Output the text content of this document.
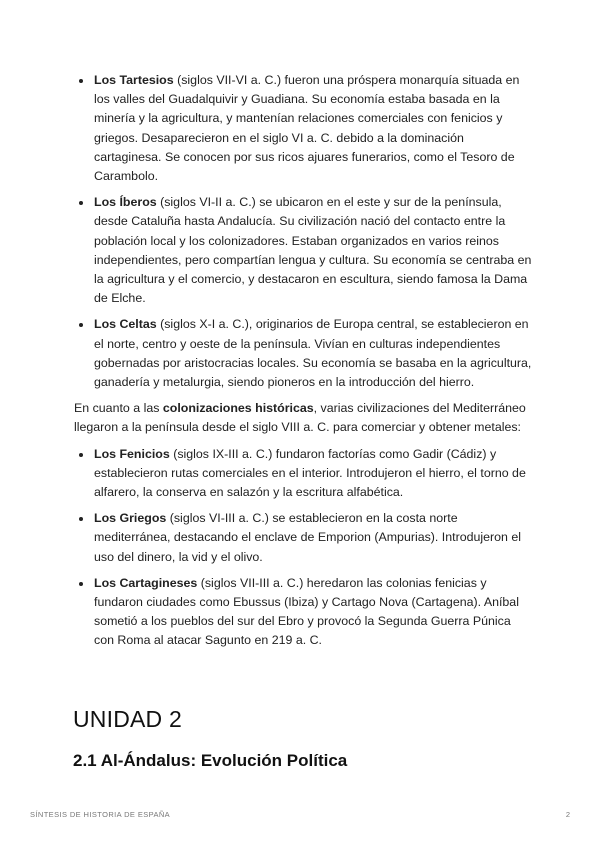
Los Tartesios (siglos VII-VI a. C.) fueron una próspera monarquía situada en los valles del Guadalquivir y Guadiana. Su economía estaba basada en la minería y la agricultura, y mantenían relaciones comerciales con fenicios y griegos. Desaparecieron en el siglo VI a. C. debido a la dominación cartaginesa. Se conocen por sus ricos ajuares funerarios, como el Tesoro de Carambolo.
Los Íberos (siglos VI-II a. C.) se ubicaron en el este y sur de la península, desde Cataluña hasta Andalucía. Su civilización nació del contacto entre la población local y los colonizadores. Estaban organizados en varios reinos independientes, pero compartían lengua y cultura. Su economía se centraba en la agricultura y el comercio, y destacaron en escultura, siendo famosa la Dama de Elche.
Los Celtas (siglos X-I a. C.), originarios de Europa central, se establecieron en el norte, centro y oeste de la península. Vivían en culturas independientes gobernadas por aristocracias locales. Su economía se basaba en la agricultura, ganadería y metalurgia, siendo pioneros en la introducción del hierro.

En cuanto a las colonizaciones históricas, varias civilizaciones del Mediterráneo llegaron a la península desde el siglo VIII a. C. para comerciar y obtener metales:

Los Fenicios (siglos IX-III a. C.) fundaron factorías como Gadir (Cádiz) y establecieron rutas comerciales en el interior. Introdujeron el hierro, el torno de alfarero, la conserva en salazón y la escritura alfabética.
Los Griegos (siglos VI-III a. C.) se establecieron en la costa norte mediterránea, destacando el enclave de Emporion (Ampurias). Introdujeron el uso del dinero, la vid y el olivo.
Los Cartagineses (siglos VII-III a. C.) heredaron las colonias fenicias y fundaron ciudades como Ebussus (Ibiza) y Cartago Nova (Cartagena). Aníbal sometió a los pueblos del sur del Ebro y provocó la Segunda Guerra Púnica con Roma al atacar Sagunto en 219 a. C.
UNIDAD 2
2.1 Al-Ándalus: Evolución Política
SÍNTESIS DE HISTORIA DE ESPAÑA	2
